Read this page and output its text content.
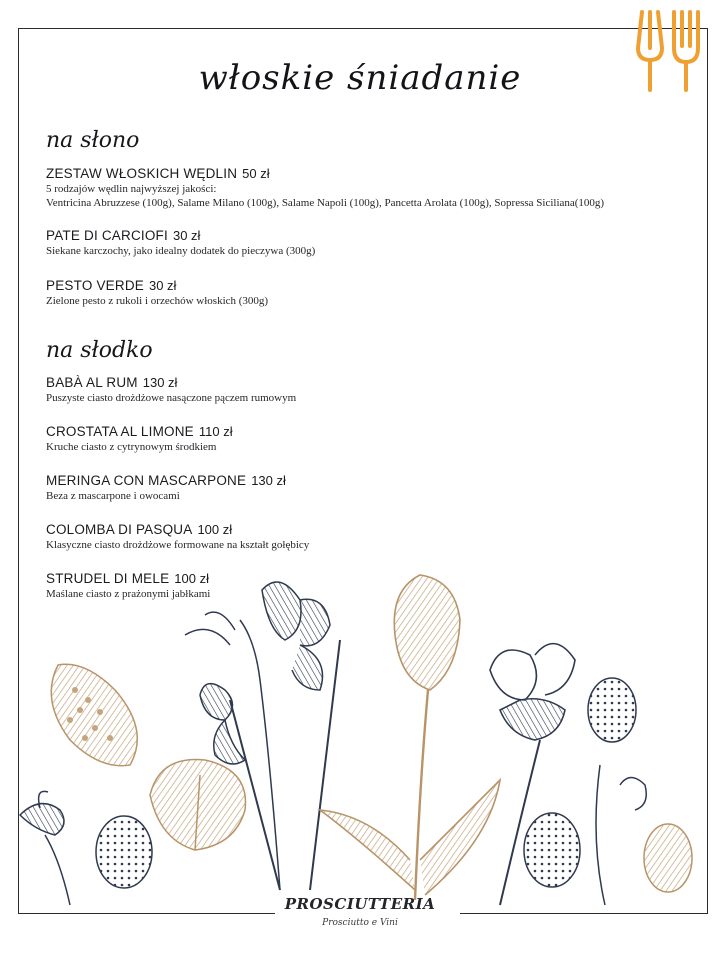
włoskie śniadanie
na słono
ZESTAW WŁOSKICH WĘDLIN 50 zł
5 rodzajów wędlin najwyższej jakości:
Ventricina Abruzzese (100g), Salame Milano (100g), Salame Napoli (100g), Pancetta Arolata (100g), Sopressa Siciliana(100g)
PATE DI CARCIOFI 30 zł
Siekane karczochy, jako idealny dodatek do pieczywa (300g)
PESTO VERDE 30 zł
Zielone pesto z rukoli i orzechów włoskich (300g)
na słodko
BABÀ AL RUM 130 zł
Puszyste ciasto drożdżowe nasączone pączem rumowym
CROSTATA AL LIMONE 110 zł
Kruche ciasto z cytrynowym środkiem
MERINGA CON MASCARPONE 130 zł
Beza z mascarpone i owocami
COLOMBA DI PASQUA 100 zł
Klasyczne ciasto drożdżowe formowane na kształt gołębicy
STRUDEL DI MELE 100 zł
Maślane ciasto z prażonymi jabłkami
PROSCIUTTERIA
Prosciutto e Vini
